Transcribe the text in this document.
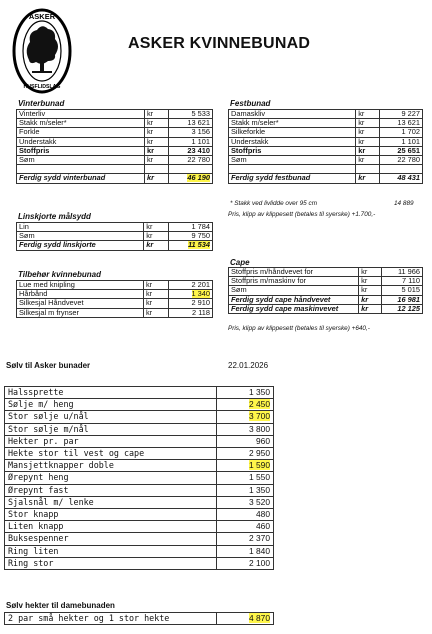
ASKER
HUSFLIDSLAG
ASKER KVINNEBUNAD
Vinterbunad	Festbunad
Linskjorte målsydd
Tilbehør kvinnebunad
Cape
Vinterliv	kr	5 533
Stakk m/seler*	kr	13 621
Forkle	kr	3 156
Understakk	kr	1 101
Stoffpris	kr	23 410
Søm	kr	22 780

Ferdig sydd vinterbunad	kr	46 190
Damaskliv	kr	9 227
Stakk m/seler*	kr	13 621
Silkeforkle	kr	1 702
Understakk	kr	1 101
Stoffpris	kr	25 651
Søm	kr	22 780

Ferdig sydd festbunad	kr	48 431
Lin	kr	1 784
Søm	kr	9 750
Ferdig sydd linskjorte	kr	11 534
Lue med knipling	kr	2 201
Hårbånd	kr	1 340
Silkesjal Håndvevet	kr	2 910
Silkesjal m frynser	kr	2 118
Stoffpris m/håndvevet for	kr	11 966
Stoffpris m/maskinv for	kr	7 110
Søm	kr	5 015
Ferdig sydd cape håndvevet	kr	16 981
Ferdig sydd cape maskinvevet	kr	12 125
* Stakk ved livlidde over 95 cm	14 889
Pris, klipp av klippesett (betales til syerske) +1.700,-
Pris, klipp av klippesett (betales til syerske) +640,-
Sølv til Asker bunader	22.01.2026
Halssprette	1 350
Sølje m/ heng	2 450
Stor sølje u/nål	3 700
Stor sølje m/nål	3 800
Hekter pr. par	960
Hekte stor til vest og cape	2 950
Mansjettknapper doble	1 590
Ørepynt heng	1 550
Ørepynt fast	1 350
Sjalsnål m/ lenke	3 520
Stor knapp	480
Liten knapp	460
Buksespenner	2 370
Ring liten	1 840
Ring stor	2 100
Sølv hekter til damebunaden
2 par små hekter og 1 stor hekte	4 870
